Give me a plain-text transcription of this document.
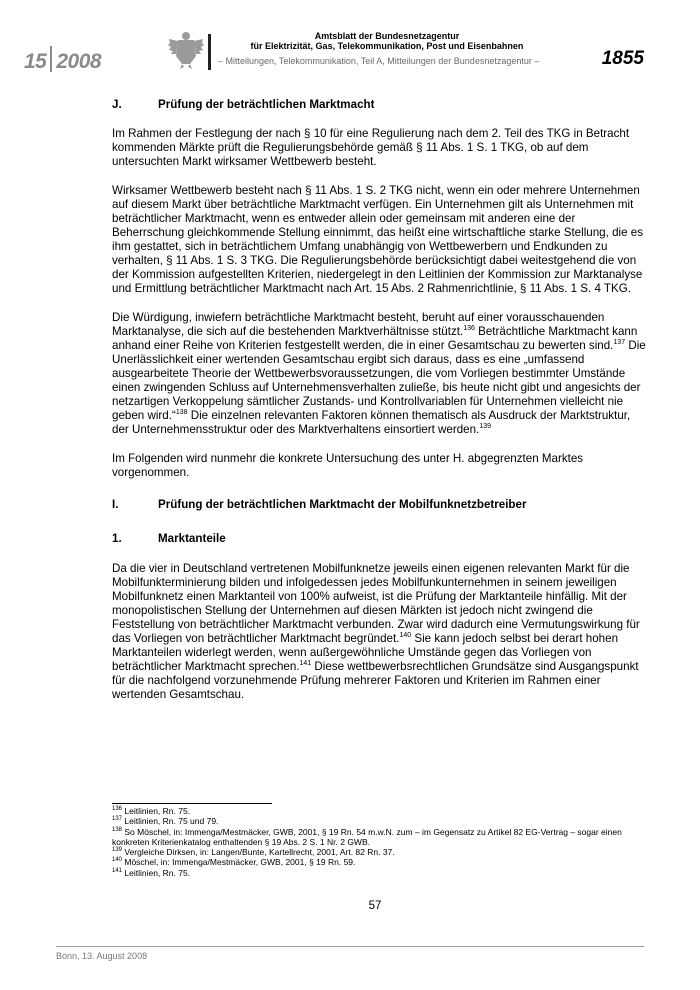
15 2008
Amtsblatt der Bundesnetzagentur
für Elektrizität, Gas, Telekommunikation, Post und Eisenbahnen
– Mitteilungen, Telekommunikation, Teil A, Mitteilungen der Bundesnetzagentur –	1855
J.	Prüfung der beträchtlichen Marktmacht

Im Rahmen der Festlegung der nach § 10 für eine Regulierung nach dem 2. Teil des TKG in Betracht kommenden Märkte prüft die Regulierungsbehörde gemäß § 11 Abs. 1 S. 1 TKG, ob auf dem untersuchten Markt wirksamer Wettbewerb besteht.

Wirksamer Wettbewerb besteht nach § 11 Abs. 1 S. 2 TKG nicht, wenn ein oder mehrere Unternehmen auf diesem Markt über beträchtliche Marktmacht verfügen. Ein Unternehmen gilt als Unternehmen mit beträchtlicher Marktmacht, wenn es entweder allein oder gemeinsam mit anderen eine der Beherrschung gleichkommende Stellung einnimmt, das heißt eine wirtschaftliche starke Stellung, die es ihm gestattet, sich in beträchtlichem Umfang unabhängig von Wettbewerbern und Endkunden zu verhalten, § 11 Abs. 1 S. 3 TKG. Die Regulierungsbehörde berücksichtigt dabei weitestgehend die von der Kommission aufgestellten Kriterien, niedergelegt in den Leitlinien der Kommission zur Marktanalyse und Ermittlung beträchtlicher Marktmacht nach Art. 15 Abs. 2 Rahmenrichtlinie, § 11 Abs. 1 S. 4 TKG.

Die Würdigung, inwiefern beträchtliche Marktmacht besteht, beruht auf einer vorausschauenden Marktanalyse, die sich auf die bestehenden Marktverhältnisse stützt.$^{136}$ Beträchtliche Marktmacht kann anhand einer Reihe von Kriterien festgestellt werden, die in einer Gesamtschau zu bewerten sind.$^{137}$ Die Unerlässlichkeit einer wertenden Gesamtschau ergibt sich daraus, dass es eine „umfassend ausgearbeitete Theorie der Wettbewerbsvoraussetzungen, die vom Vorliegen bestimmter Umstände einen zwingenden Schluss auf Unternehmensverhalten zuließe, bis heute nicht gibt und angesichts der netzartigen Verkoppelung sämtlicher Zustands- und Kontrollvariablen für Unternehmen vielleicht nie geben wird.“$^{138}$ Die einzelnen relevanten Faktoren können thematisch als Ausdruck der Marktstruktur, der Unternehmensstruktur oder des Marktverhaltens einsortiert werden.$^{139}$

Im Folgenden wird nunmehr die konkrete Untersuchung des unter H. abgegrenzten Marktes vorgenommen.

I.	Prüfung der beträchtlichen Marktmacht der Mobilfunknetzbetreiber
1.	Marktanteile

Da die vier in Deutschland vertretenen Mobilfunknetze jeweils einen eigenen relevanten Markt für die Mobilfunkterminierung bilden und infolgedessen jedes Mobilfunkunternehmen in seinem jeweiligen Mobilfunknetz einen Marktanteil von 100% aufweist, ist die Prüfung der Marktanteile hinfällig. Mit der monopolistischen Stellung der Unternehmen auf diesen Märkten ist jedoch nicht zwingend die Feststellung von beträchtlicher Marktmacht verbunden. Zwar wird dadurch eine Vermutungswirkung für das Vorliegen von beträchtlicher Marktmacht begründet.$^{140}$ Sie kann jedoch selbst bei derart hohen Marktanteilen widerlegt werden, wenn außergewöhnliche Umstände gegen das Vorliegen von beträchtlicher Marktmacht sprechen.$^{141}$ Diese wettbewerbsrechtlichen Grundsätze sind Ausgangspunkt für die nachfolgend vorzunehmende Prüfung mehrerer Faktoren und Kriterien im Rahmen einer wertenden Gesamtschau.

$^{136}$ Leitlinien, Rn. 75.
$^{137}$ Leitlinien, Rn. 75 und 79.
$^{138}$ So Möschel, in: Immenga/Mestmäcker, GWB, 2001, § 19 Rn. 54 m.w.N. zum – im Gegensatz zu Artikel 82 EG-Vertrag – sogar einen konkreten Kriterienkatalog enthaltenden § 19 Abs. 2 S. 1 Nr. 2 GWB.
$^{139}$ Vergleiche Dirksen, in: Langen/Bunte, Kartellrecht, 2001, Art. 82 Rn. 37.
$^{140}$ Möschel, in: Immenga/Mestmäcker, GWB, 2001, § 19 Rn. 59.
$^{141}$ Leitlinien, Rn. 75.
57
Bonn, 13. August 2008
